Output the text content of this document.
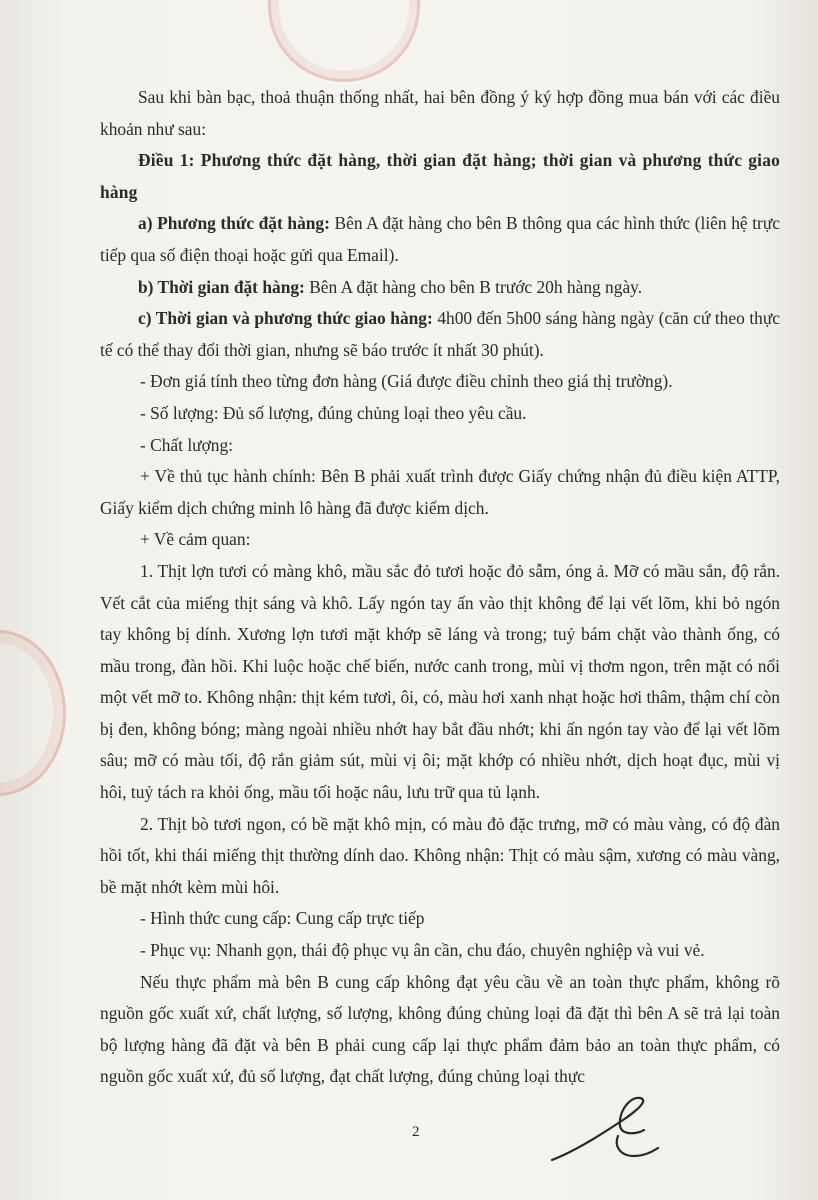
Sau khi bàn bạc, thoả thuận thống nhất, hai bên đồng ý ký hợp đồng mua bán với các điều khoản như sau:

Điều 1: Phương thức đặt hàng, thời gian đặt hàng; thời gian và phương thức giao hàng

a) Phương thức đặt hàng: Bên A đặt hàng cho bên B thông qua các hình thức (liên hệ trực tiếp qua số điện thoại hoặc gửi qua Email).

b) Thời gian đặt hàng: Bên A đặt hàng cho bên B trước 20h hàng ngày.

c) Thời gian và phương thức giao hàng: 4h00 đến 5h00 sáng hàng ngày (căn cứ theo thực tế có thể thay đổi thời gian, nhưng sẽ báo trước ít nhất 30 phút).

- Đơn giá tính theo từng đơn hàng (Giá được điều chỉnh theo giá thị trường).

- Số lượng: Đủ số lượng, đúng chủng loại theo yêu cầu.

- Chất lượng:

+ Về thủ tục hành chính: Bên B phải xuất trình được Giấy chứng nhận đủ điều kiện ATTP, Giấy kiểm dịch chứng minh lô hàng đã được kiểm dịch.

+ Về cảm quan:

1. Thịt lợn tươi có màng khô, mầu sắc đỏ tươi hoặc đỏ sẫm, óng ả. Mỡ có mầu sắn, độ rắn. Vết cắt của miếng thịt sáng và khô. Lấy ngón tay ấn vào thịt không để lại vết lõm, khi bỏ ngón tay không bị dính. Xương lợn tươi mặt khớp sẽ láng và trong; tuỷ bám chặt vào thành ống, có mầu trong, đàn hồi. Khi luộc hoặc chế biến, nước canh trong, mùi vị thơm ngon, trên mặt có nổi một vết mỡ to. Không nhận: thịt kém tươi, ôi, có, màu hơi xanh nhạt hoặc hơi thâm, thậm chí còn bị đen, không bóng; màng ngoài nhiều nhớt hay bắt đầu nhớt; khi ấn ngón tay vào để lại vết lõm sâu; mỡ có màu tối, độ rắn giảm sút, mùi vị ôi; mặt khớp có nhiều nhớt, dịch hoạt đục, mùi vị hôi, tuỷ tách ra khỏi ống, mầu tối hoặc nâu, lưu trữ qua tủ lạnh.

2. Thịt bò tươi ngon, có bề mặt khô mịn, có màu đỏ đặc trưng, mỡ có màu vàng, có độ đàn hồi tốt, khi thái miếng thịt thường dính dao. Không nhận: Thịt có màu sậm, xương có màu vàng, bề mặt nhớt kèm mùi hôi.

- Hình thức cung cấp: Cung cấp trực tiếp

- Phục vụ: Nhanh gọn, thái độ phục vụ ân cần, chu đáo, chuyên nghiệp và vui vẻ.

Nếu thực phẩm mà bên B cung cấp không đạt yêu cầu về an toàn thực phẩm, không rõ nguồn gốc xuất xứ, chất lượng, số lượng, không đúng chủng loại đã đặt thì bên A sẽ trả lại toàn bộ lượng hàng đã đặt và bên B phải cung cấp lại thực phẩm đảm bảo an toàn thực phẩm, có nguồn gốc xuất xứ, đủ số lượng, đạt chất lượng, đúng chủng loại thực

2
